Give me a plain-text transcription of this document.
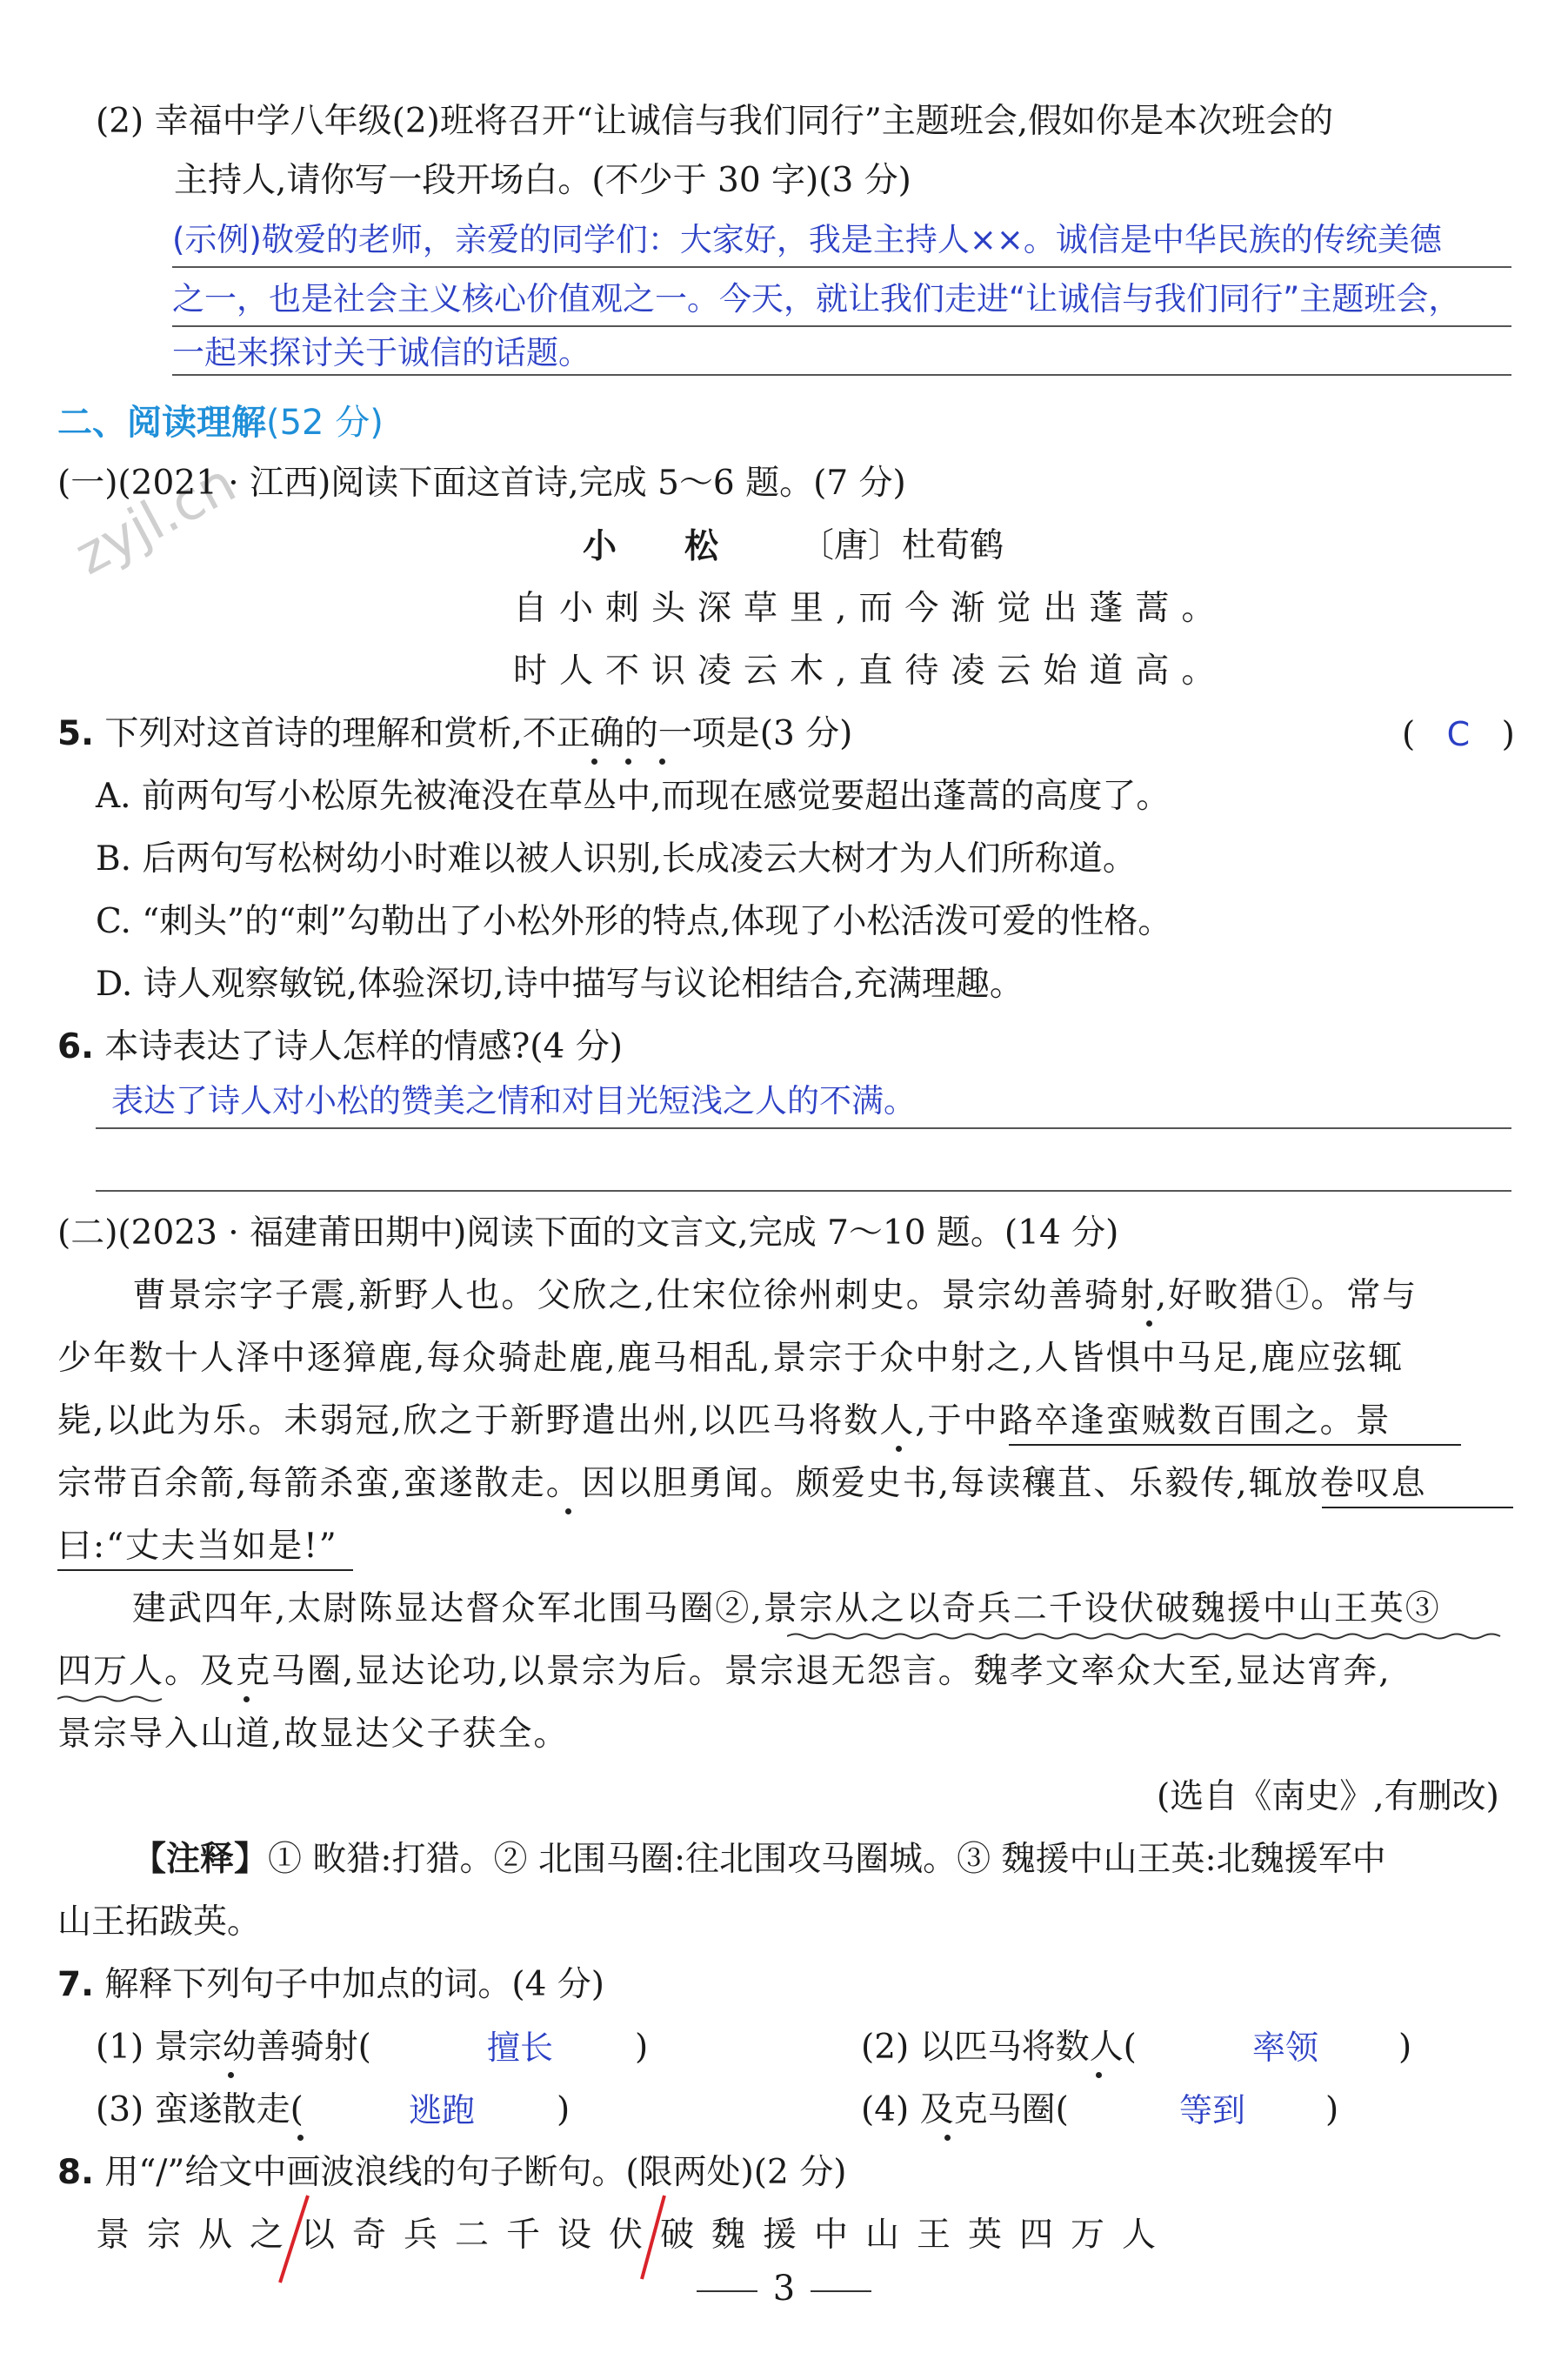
zyjl.cn
(2) 幸福中学八年级(2)班将召开“让诚信与我们同行”主题班会,假如你是本次班会的
主持人,请你写一段开场白。(不少于 30 字)(3 分)
(示例)敬爱的老师，亲爱的同学们：大家好，我是主持人××。诚信是中华民族的传统美德
之一，也是社会主义核心价值观之一。今天，就让我们走进“让诚信与我们同行”主题班会，
一起来探讨关于诚信的话题。
二、阅读理解(52 分)
(一)(2021 · 江西)阅读下面这首诗,完成 5～6 题。(7 分)
小　　松 〔唐〕杜荀鹤
自小刺头深草里,而今渐觉出蓬蒿。
时人不识凌云木,直待凌云始道高。
5. 下列对这首诗的理解和赏析,不正确的一项是(3 分)	( C )
A. 前两句写小松原先被淹没在草丛中,而现在感觉要超出蓬蒿的高度了。
B. 后两句写松树幼小时难以被人识别,长成凌云大树才为人们所称道。
C. “刺头”的“刺”勾勒出了小松外形的特点,体现了小松活泼可爱的性格。
D. 诗人观察敏锐,体验深切,诗中描写与议论相结合,充满理趣。
6. 本诗表达了诗人怎样的情感?(4 分)
表达了诗人对小松的赞美之情和对目光短浅之人的不满。
(二)(2023 · 福建莆田期中)阅读下面的文言文,完成 7～10 题。(14 分)
曹景宗字子震,新野人也。父欣之,仕宋位徐州刺史。景宗幼善骑射,好畋猎①。常与
少年数十人泽中逐獐鹿,每众骑赴鹿,鹿马相乱,景宗于众中射之,人皆惧中马足,鹿应弦辄
毙,以此为乐。未弱冠,欣之于新野遣出州,以匹马将数人,于中路卒逢蛮贼数百围之。景
宗带百余箭,每箭杀蛮,蛮遂散走。因以胆勇闻。颇爱史书,每读穰苴、乐毅传,辄放卷叹息
曰:“丈夫当如是!”
建武四年,太尉陈显达督众军北围马圈②,景宗从之以奇兵二千设伏破魏援中山王英③
四万人。及克马圈,显达论功,以景宗为后。景宗退无怨言。魏孝文率众大至,显达宵奔,
景宗导入山道,故显达父子获全。
(选自《南史》,有删改)
【注释】① 畋猎:打猎。② 北围马圈:往北围攻马圈城。③ 魏援中山王英:北魏援军中
山王拓跋英。
7. 解释下列句子中加点的词。(4 分)
(1) 景宗幼善骑射(	擅长 )	(2) 以匹马将数人(	率领 )
(3) 蛮遂散走(	逃跑 )	(4) 及克马圈(	等到 )
8. 用“/”给文中画波浪线的句子断句。(限两处)(2 分)
景宗从之以奇兵二千设伏破魏援中山王英四万人
3
